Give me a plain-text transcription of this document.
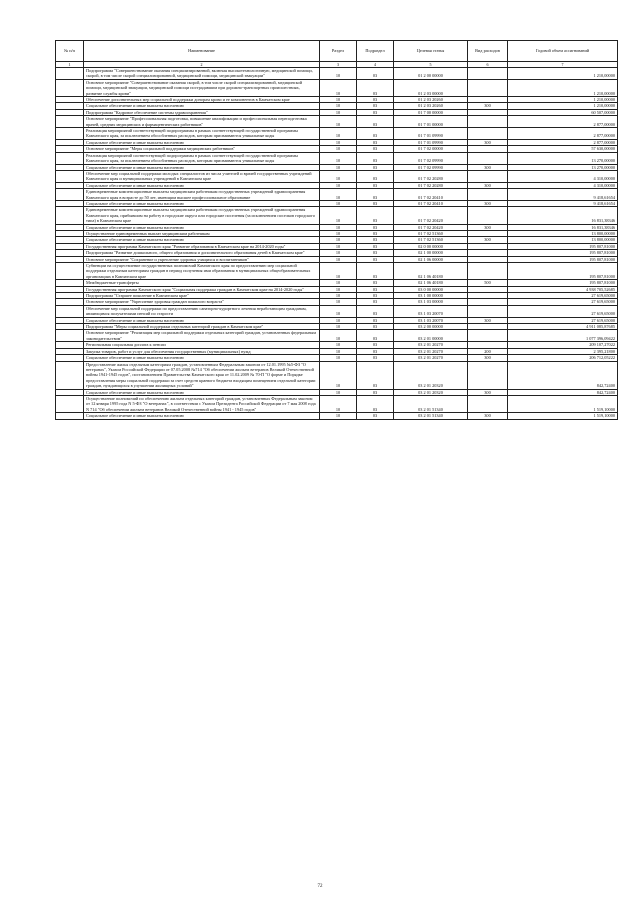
№ п/п	Наименование	Раздел	Подраздел	Целевая статья	Вид расходов	Годовой объем ассигнований
1	2	3	4	5	6	7
	Подпрограмма "Совершенствование оказания специализированной, включая высокотехнологичную, медицинской помощи, скорой, в том числе скорой специализированной, медицинской помощи, медицинской эвакуации"	10	03	01 2 00 00000		1 210,00000
	Основное мероприятие "Совершенствование оказания скорой, в том числе скорой специализированной, медицинской помощи, медицинской эвакуации, медицинской помощи пострадавшим при дорожно-транспортных происшествиях, развитие службы крови"	10	03	01 2 03 00000		1 210,00000
	Обеспечение дополнительных мер социальной поддержки донорам крови и ее компонентов в Камчатском крае	10	03	01 2 03 20260		1 210,00000
	Социальное обеспечение и иные выплаты населению	10	03	01 2 03 20260	300	1 210,00000
	Подпрограмма "Кадровое обеспечение системы здравоохранения"	10	03	01 7 00 00000		60 507,00000
	Основное мероприятие "Профессиональная подготовка, повышение квалификации и профессиональная переподготовка врачей, средних медицинских и фармацевтических работников"	10	03	01 7 01 00000		2 877,00000
	Реализация мероприятий соответствующей подпрограммы в рамках соответствующей государственной программы Камчатского края, за исключением обособленных расходов, которым присваиваются уникальные коды	10	03	01 7 01 09990		2 877,00000
	Социальное обеспечение и иные выплаты населению	10	03	01 7 01 09990	300	2 877,00000
	Основное мероприятие "Меры социальной поддержки медицинских работников"	10	03	01 7 02 00000		57 630,00000
	Реализация мероприятий соответствующей подпрограммы в рамках соответствующей государственной программы Камчатского края, за исключением обособленных расходов, которым присваиваются уникальные коды	10	03	01 7 02 09990		13 270,00000
	Социальное обеспечение и иные выплаты населению	10	03	01 7 02 09990	300	13 270,00000
	Обеспечение мер социальной поддержки молодых специалистов из числа учителей и врачей государственных учреждений Камчатского края и муниципальных учреждений в Камчатском крае	10	03	01 7 02 20280		4 310,00000
	Социальное обеспечение и иные выплаты населению	10	03	01 7 02 20280	300	4 310,00000
	Единовременные компенсационные выплаты медицинским работникам государственных учреждений здравоохранения Камчатского края в возрасте до 50 лет, имеющим высшее профессиональное образование	10	03	01 7 02 20410		9 418,61654
	Социальное обеспечение и иные выплаты населению	10	03	01 7 02 20410	300	9 418,61654
	Единовременные компенсационные выплаты медицинским работникам государственных учреждений здравоохранения Камчатского края, прибывшим на работу в городские округа или городские поселения (за исключением поселков городского типа) в Камчатском крае	10	03	01 7 02 20420		16 831,38346
	Социальное обеспечение и иные выплаты населению	10	03	01 7 02 20420	300	16 831,38346
	Осуществление единовременных выплат медицинским работникам	10	03	01 7 02 51360		13 800,00000
	Социальное обеспечение и иные выплаты населению	10	03	01 7 02 51360	300	13 800,00000
	Государственная программа Камчатского края "Развитие образования в Камчатском крае на 2014-2020 годы"	10	03	02 0 00 00000		195 807,81000
	Подпрограмма "Развитие дошкольного, общего образования и дополнительного образования детей в Камчатском крае"	10	03	02 1 00 00000		195 807,81000
	Основное мероприятие "Сохранение и укрепление здоровья учащихся и воспитанников"	10	03	02 1 06 00000		195 807,81000
	Субвенции на осуществление государственных полномочий Камчатского края по предоставлению мер социальной поддержки отдельным категориям граждан в период получения ими образования в муниципальных общеобразовательных организациях в Камчатском крае	10	03	02 1 06 40180		195 807,81000
	Межбюджетные трансферты	10	03	02 1 06 40180	500	195 807,81000
	Государственная программа Камчатского края "Социальная поддержка граждан в Камчатском крае на 2014-2020 годы"	10	03	03 0 00 00000		4 938 705,52685
	Подпрограмма "Старшее поколение в Камчатском крае"	10	03	03 1 00 00000		27 619,65000
	Основное мероприятие "Укрепление здоровья граждан пожилого возраста"	10	03	03 1 03 00000		27 619,65000
	Обеспечение мер социальной поддержки по предоставлению санаторно-курортного лечения неработающим гражданам, являющимся получателями пенсий по старости	10	03	03 1 03 20070		27 619,65000
	Социальное обеспечение и иные выплаты населению	10	03	03 1 03 20070	300	27 619,65000
	Подпрограмма "Меры социальной поддержки отдельных категорий граждан в Камчатском крае"	10	03	03 2 00 00000		4 911 085,87685
	Основное мероприятие "Реализация мер социальной поддержки отдельных категорий граждан, установленных федеральным законодательством"	10	03	03 2 01 00000		1 077 396,09422
	Региональная социальная доплата к пенсии	10	03	03 2 01 20270		209 107,27022
	Закупка товаров, работ и услуг для обеспечения государственных (муниципальных) нужд	10	03	03 2 01 20270	200	2 395,21800
	Социальное обеспечение и иные выплаты населению	10	03	03 2 01 20270	300	206 712,05222
	Предоставление жилья отдельным категориям граждан, установленным Федеральным законом от 12.01.1995 №5-ФЗ "О ветеранах", Указом Российской Федерации от 07.05.2008 №714 "Об обеспечении жильем ветеранов Великой Отечественной войны 1941-1945 годов", постановлением Правительства Камчатского края от 11.02.2009 № 70-П "О форме и Порядке предоставления меры социальной поддержки за счет средств краевого бюджета входящим помещением отдельной категории граждан, нуждающихся в улучшении жилищных условий"	10	03	03 2 01 20320		842,72400
	Социальное обеспечение и иные выплаты населению	10	03	03 2 01 20320	300	842,72400
	Осуществление полномочий по обеспечению жильем отдельных категорий граждан, установленных Федеральным законом от 12 января 1995 года N 5-ФЗ "О ветеранах", в соответствии с Указом Президента Российской Федерации от 7 мая 2008 года N 714 "Об обеспечении жильем ветеранов Великой Отечественной войны 1941 - 1945 годов"	10	03	03 2 01 51340		1 519,10000
	Социальное обеспечение и иные выплаты населению	10	03	03 2 01 51340	300	1 519,10000
72
